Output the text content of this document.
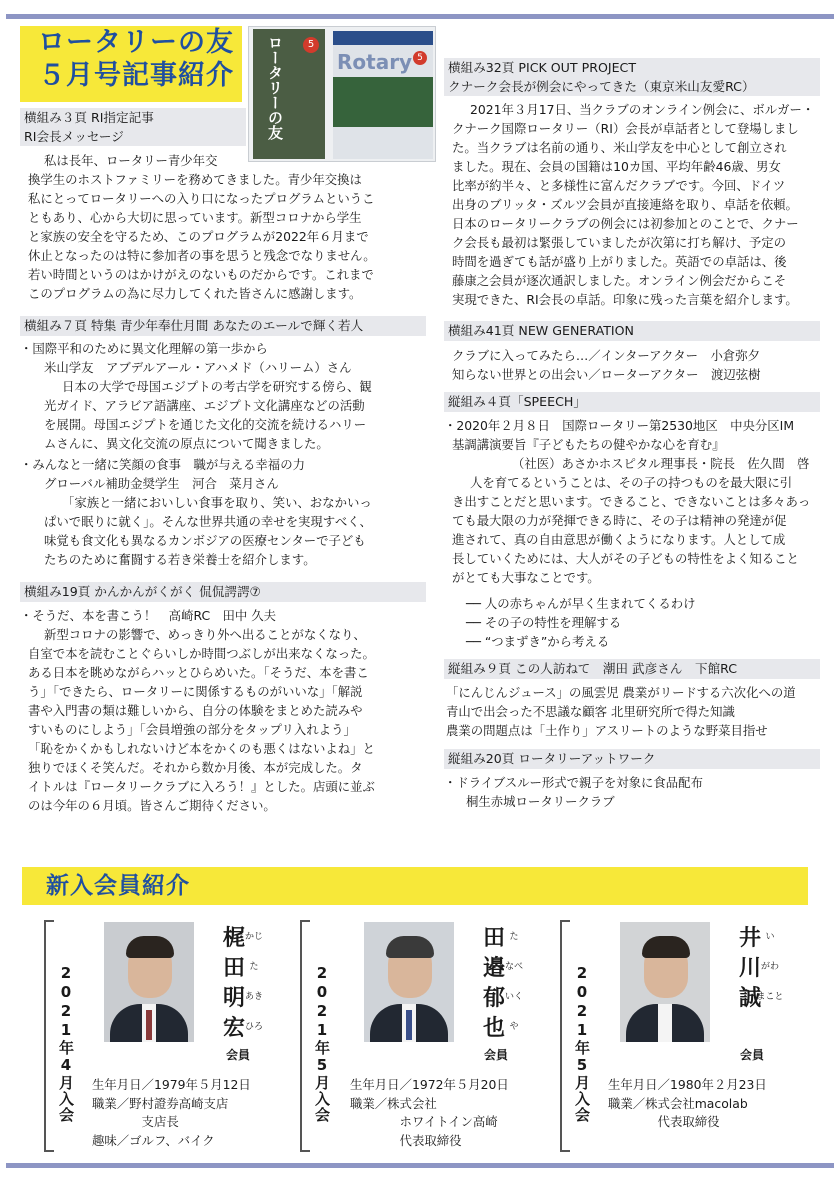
ロータリーの友
５月号記事紹介	ロータリーの友	5
Rotary 5
横組み３頁 RI指定記事
RI会長メッセージ
私は長年、ロータリー青少年交
換学生のホストファミリーを務めてきました。青少年交換は
私にとってロータリーへの入り口になったプログラムというこ
ともあり、心から大切に思っています。新型コロナから学生
と家族の安全を守るため、このプログラムが2022年６月まで
休止となったのは特に参加者の事を思うと残念でなりません。
若い時間というのはかけがえのないものだからです。これまで
このプログラムの為に尽力してくれた皆さんに感謝します。
横組み７頁 特集 青少年奉仕月間 あなたのエールで輝く若人
・国際平和のために異文化理解の第一歩から
米山学友　アブデルアール・アハメド（ハリーム）さん
日本の大学で母国エジプトの考古学を研究する傍ら、観
光ガイド、アラビア語講座、エジプト文化講座などの活動
を展開。母国エジプトを通じた文化的交流を続けるハリー
ムさんに、異文化交流の原点について聞きました。
・みんなと一緒に笑顔の食事　職が与える幸福の力
グローバル補助金奨学生　河合　菜月さん
「家族と一緒においしい食事を取り、笑い、おなかいっ
ぱいで眠りに就く」。そんな世界共通の幸せを実現すべく、
味覚も食文化も異なるカンボジアの医療センターで子ども
たちのために奮闘する若き栄養士を紹介します。
横組み19頁 かんかんがくがく 侃侃諤諤⑦
・そうだ、本を書こう！　高崎RC　田中 久夫
新型コロナの影響で、めっきり外へ出ることがなくなり、
自室で本を読むことぐらいしか時間つぶしが出来なくなった。
ある日本を眺めながらハッとひらめいた。「そうだ、本を書こ
う」「できたら、ロータリーに関係するものがいいな」「解説
書や入門書の類は難しいから、自分の体験をまとめた読みや
すいものにしよう」「会員増強の部分をタップリ入れよう」
「恥をかくかもしれないけど本をかくのも悪くはないよね」と
独りでほくそ笑んだ。それから数か月後、本が完成した。タ
イトルは『ロータリークラブに入ろう！』とした。店頭に並ぶ
のは今年の６月頃。皆さんご期待ください。
横組み32頁 PICK OUT PROJECT
クナーク会長が例会にやってきた（東京米山友愛RC）
2021年３月17日、当クラブのオンライン例会に、ボルガー・
クナーク国際ロータリー（RI）会長が卓話者として登場しまし
た。当クラブは名前の通り、米山学友を中心として創立され
ました。現在、会員の国籍は10カ国、平均年齢46歳、男女
比率が約半々、と多様性に富んだクラブです。今回、ドイツ
出身のブリッタ・ズルツ会員が直接連絡を取り、卓話を依頼。
日本のロータリークラブの例会には初参加とのことで、クナー
ク会長も最初は緊張していましたが次第に打ち解け、予定の
時間を過ぎても話が盛り上がりました。英語での卓話は、後
藤康之会員が逐次通訳しました。オンライン例会だからこそ
実現できた、RI会長の卓話。印象に残った言葉を紹介します。
横組み41頁 NEW GENERATION
クラブに入ってみたら…／インターアクター　小倉弥夕
知らない世界との出会い／ローターアクター　渡辺弦樹
縦組み４頁「SPEECH」
・2020年２月８日　国際ロータリー第2530地区　中央分区IM
基調講演要旨『子どもたちの健やかな心を育む』
（社医）あさかホスピタル理事長・院長　佐久間　啓
人を育てるということは、その子の持つものを最大限に引
き出すことだと思います。できること、できないことは多々あっ
ても最大限の力が発揮できる時に、その子は精神の発達が促
進されて、真の自由意思が働くようになります。人として成
長していくためには、大人がその子どもの特性をよく知ること
がとても大事なことです。
── 人の赤ちゃんが早く生まれてくるわけ
── その子の特性を理解する
── “つまずき”から考える
縦組み９頁 この人訪ねて　潮田 武彦さん　下館RC
「にんじんジュース」の風雲児 農業がリードする六次化への道
青山で出会った不思議な顧客 北里研究所で得た知識
農業の問題点は「土作り」アスリートのような野菜目指せ
縦組み20頁 ロータリーアットワーク
・ドライブスルー形式で親子を対象に食品配布
桐生赤城ロータリークラブ
新入会員紹介
2021年4月入会
梶 かじ
田 た
明 あき
宏 ひろ
会員
生年月日／1979年５月12日
職業／野村證券高崎支店
　　　　支店長
趣味／ゴルフ、バイク
2021年5月入会
田 た
邉 なべ
郁 いく
也 や
会員
生年月日／1972年５月20日
職業／株式会社
　　　　ホワイトイン高崎
　　　　代表取締役
2021年5月入会
井 い
川 がわ
誠
まこと
会員
生年月日／1980年２月23日
職業／株式会社macolab
　　　　代表取締役
